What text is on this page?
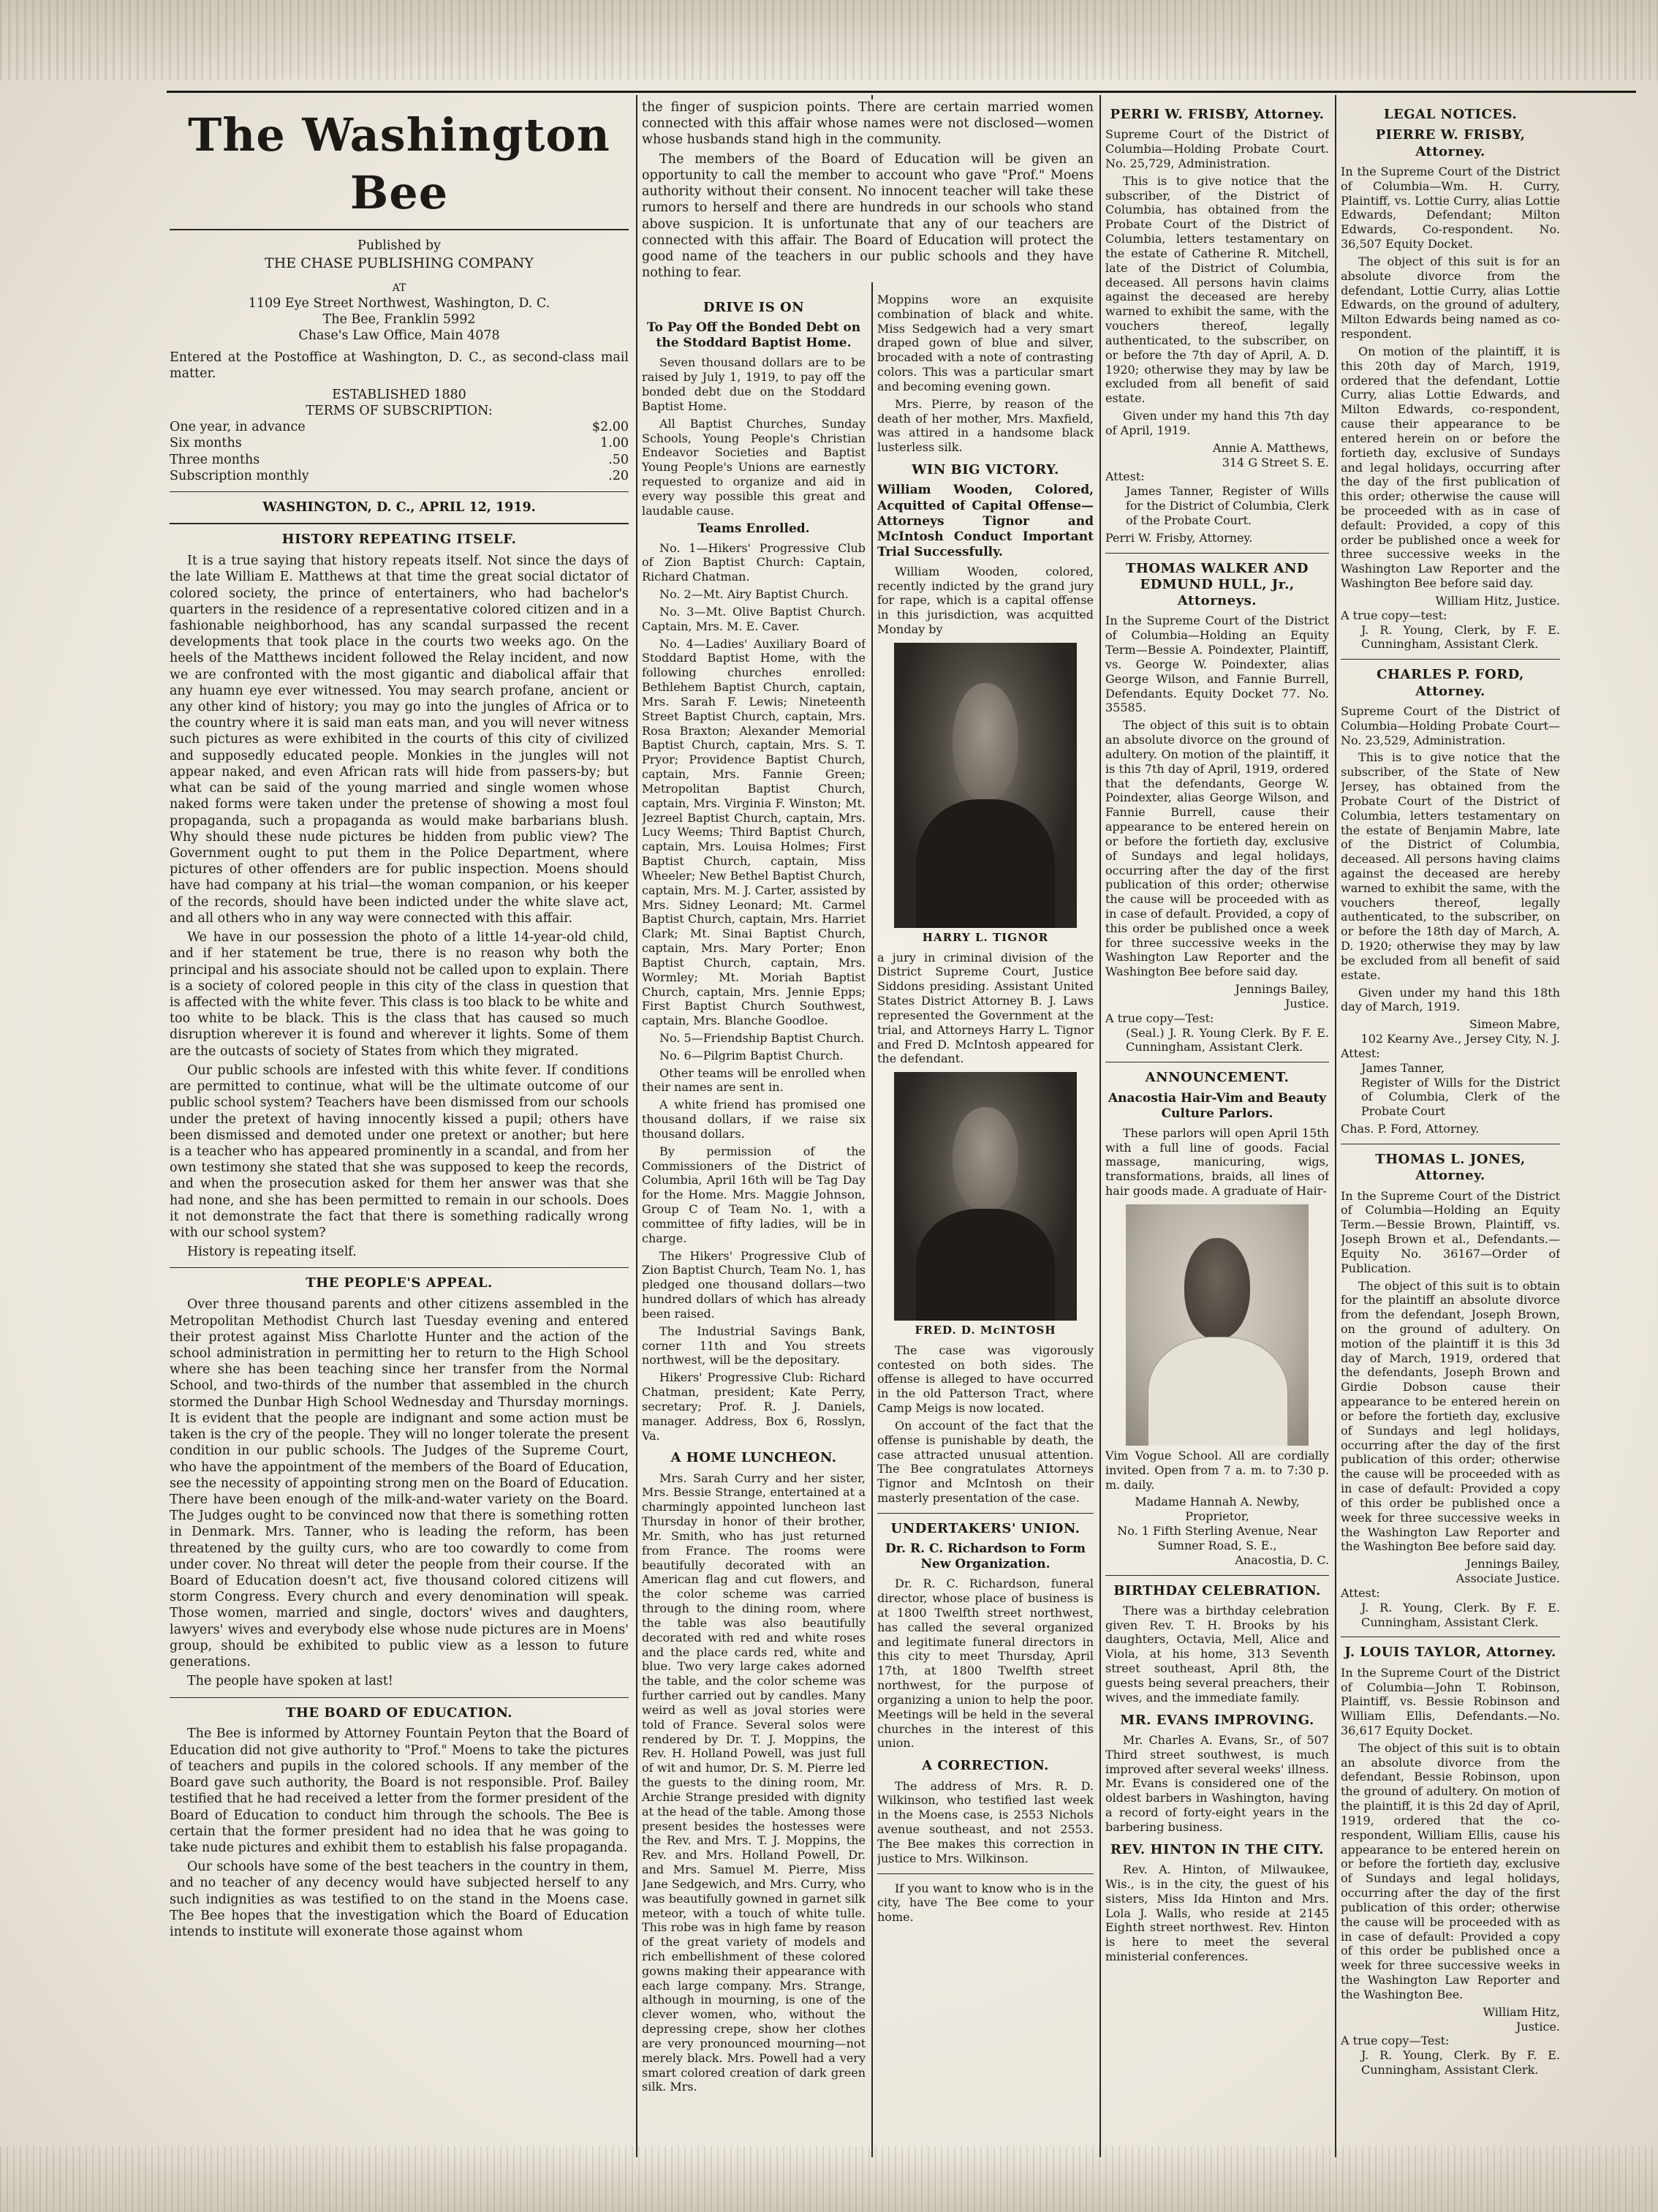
The Washington Bee
Published by
THE CHASE PUBLISHING COMPANY
AT
1109 Eye Street Northwest, Washington, D. C.
The Bee, Franklin 5992
Chase's Law Office, Main 4078

Entered at the Postoffice at Washington, D. C., as second-class mail matter.

ESTABLISHED 1880
TERMS OF SUBSCRIPTION:
One year, in advance	$2.00
Six months	1.00
Three months	.50
Subscription monthly	.20
WASHINGTON, D. C., APRIL 12, 1919.
HISTORY REPEATING ITSELF.

It is a true saying that history repeats itself. Not since the days of the late William E. Matthews at that time the great social dictator of colored society, the prince of entertainers, who had bachelor's quarters in the residence of a representative colored citizen and in a fashionable neighborhood, has any scandal surpassed the recent developments that took place in the courts two weeks ago. On the heels of the Matthews incident followed the Relay incident, and now we are confronted with the most gigantic and diabolical affair that any huamn eye ever witnessed. You may search profane, ancient or any other kind of history; you may go into the jungles of Africa or to the country where it is said man eats man, and you will never witness such pictures as were exhibited in the courts of this city of civilized and supposedly educated people. Monkies in the jungles will not appear naked, and even African rats will hide from passers-by; but what can be said of the young married and single women whose naked forms were taken under the pretense of showing a most foul propaganda, such a propaganda as would make barbarians blush. Why should these nude pictures be hidden from public view? The Government ought to put them in the Police Department, where pictures of other offenders are for public inspection. Moens should have had company at his trial—the woman companion, or his keeper of the records, should have been indicted under the white slave act, and all others who in any way were connected with this affair.

We have in our possession the photo of a little 14-year-old child, and if her statement be true, there is no reason why both the principal and his associate should not be called upon to explain. There is a society of colored people in this city of the class in question that is affected with the white fever. This class is too black to be white and too white to be black. This is the class that has caused so much disruption wherever it is found and wherever it lights. Some of them are the outcasts of society of States from which they migrated.

Our public schools are infested with this white fever. If conditions are permitted to continue, what will be the ultimate outcome of our public school system? Teachers have been dismissed from our schools under the pretext of having innocently kissed a pupil; others have been dismissed and demoted under one pretext or another; but here is a teacher who has appeared prominently in a scandal, and from her own testimony she stated that she was supposed to keep the records, and when the prosecution asked for them her answer was that she had none, and she has been permitted to remain in our schools. Does it not demonstrate the fact that there is something radically wrong with our school system?

History is repeating itself.

THE PEOPLE'S APPEAL.

Over three thousand parents and other citizens assembled in the Metropolitan Methodist Church last Tuesday evening and entered their protest against Miss Charlotte Hunter and the action of the school administration in permitting her to return to the High School where she has been teaching since her transfer from the Normal School, and two-thirds of the number that assembled in the church stormed the Dunbar High School Wednesday and Thursday mornings. It is evident that the people are indignant and some action must be taken is the cry of the people. They will no longer tolerate the present condition in our public schools. The Judges of the Supreme Court, who have the appointment of the members of the Board of Education, see the necessity of appointing strong men on the Board of Education. There have been enough of the milk-and-water variety on the Board. The Judges ought to be convinced now that there is something rotten in Denmark. Mrs. Tanner, who is leading the reform, has been threatened by the guilty curs, who are too cowardly to come from under cover. No threat will deter the people from their course. If the Board of Education doesn't act, five thousand colored citizens will storm Congress. Every church and every denomination will speak. Those women, married and single, doctors' wives and daughters, lawyers' wives and everybody else whose nude pictures are in Moens' group, should be exhibited to public view as a lesson to future generations.

The people have spoken at last!

THE BOARD OF EDUCATION.

The Bee is informed by Attorney Fountain Peyton that the Board of Education did not give authority to "Prof." Moens to take the pictures of teachers and pupils in the colored schools. If any member of the Board gave such authority, the Board is not responsible. Prof. Bailey testified that he had received a letter from the former president of the Board of Education to conduct him through the schools. The Bee is certain that the former president had no idea that he was going to take nude pictures and exhibit them to establish his false propaganda.

Our schools have some of the best teachers in the country in them, and no teacher of any decency would have subjected herself to any such indignities as was testified to on the stand in the Moens case. The Bee hopes that the investigation which the Board of Education intends to institute will exonerate those against whom

the finger of suspicion points. There are certain married women connected with this affair whose names were not disclosed—women whose husbands stand high in the community.

The members of the Board of Education will be given an opportunity to call the member to account who gave "Prof." Moens authority without their consent. No innocent teacher will take these rumors to herself and there are hundreds in our schools who stand above suspicion. It is unfortunate that any of our teachers are connected with this affair. The Board of Education will protect the good name of the teachers in our public schools and they have nothing to fear.

DRIVE IS ON
To Pay Off the Bonded Debt on the Stoddard Baptist Home.

Seven thousand dollars are to be raised by July 1, 1919, to pay off the bonded debt due on the Stoddard Baptist Home.

All Baptist Churches, Sunday Schools, Young People's Christian Endeavor Societies and Baptist Young People's Unions are earnestly requested to organize and aid in every way possible this great and laudable cause.

Teams Enrolled.

No. 1—Hikers' Progressive Club of Zion Baptist Church: Captain, Richard Chatman.

No. 2—Mt. Airy Baptist Church.

No. 3—Mt. Olive Baptist Church. Captain, Mrs. M. E. Caver.

No. 4—Ladies' Auxiliary Board of Stoddard Baptist Home, with the following churches enrolled: Bethlehem Baptist Church, captain, Mrs. Sarah F. Lewis; Nineteenth Street Baptist Church, captain, Mrs. Rosa Braxton; Alexander Memorial Baptist Church, captain, Mrs. S. T. Pryor; Providence Baptist Church, captain, Mrs. Fannie Green; Metropolitan Baptist Church, captain, Mrs. Virginia F. Winston; Mt. Jezreel Baptist Church, captain, Mrs. Lucy Weems; Third Baptist Church, captain, Mrs. Louisa Holmes; First Baptist Church, captain, Miss Wheeler; New Bethel Baptist Church, captain, Mrs. M. J. Carter, assisted by Mrs. Sidney Leonard; Mt. Carmel Baptist Church, captain, Mrs. Harriet Clark; Mt. Sinai Baptist Church, captain, Mrs. Mary Porter; Enon Baptist Church, captain, Mrs. Wormley; Mt. Moriah Baptist Church, captain, Mrs. Jennie Epps; First Baptist Church Southwest, captain, Mrs. Blanche Goodloe.

No. 5—Friendship Baptist Church.

No. 6—Pilgrim Baptist Church.

Other teams will be enrolled when their names are sent in.

A white friend has promised one thousand dollars, if we raise six thousand dollars.

By permission of the Commissioners of the District of Columbia, April 16th will be Tag Day for the Home. Mrs. Maggie Johnson, Group C of Team No. 1, with a committee of fifty ladies, will be in charge.

The Hikers' Progressive Club of Zion Baptist Church, Team No. 1, has pledged one thousand dollars—two hundred dollars of which has already been raised.

The Industrial Savings Bank, corner 11th and You streets northwest, will be the depositary.

Hikers' Progressive Club: Richard Chatman, president; Kate Perry, secretary; Prof. R. J. Daniels, manager. Address, Box 6, Rosslyn, Va.

A HOME LUNCHEON.

Mrs. Sarah Curry and her sister, Mrs. Bessie Strange, entertained at a charmingly appointed luncheon last Thursday in honor of their brother, Mr. Smith, who has just returned from France. The rooms were beautifully decorated with an American flag and cut flowers, and the color scheme was carried through to the dining room, where the table was also beautifully decorated with red and white roses and the place cards red, white and blue. Two very large cakes adorned the table, and the color scheme was further carried out by candles. Many weird as well as joval stories were told of France. Several solos were rendered by Dr. T. J. Moppins, the Rev. H. Holland Powell, was just full of wit and humor, Dr. S. M. Pierre led the guests to the dining room, Mr. Archie Strange presided with dignity at the head of the table. Among those present besides the hostesses were the Rev. and Mrs. T. J. Moppins, the Rev. and Mrs. Holland Powell, Dr. and Mrs. Samuel M. Pierre, Miss Jane Sedgewich, and Mrs. Curry, who was beautifully gowned in garnet silk meteor, with a touch of white tulle. This robe was in high fame by reason of the great variety of models and rich embellishment of these colored gowns making their appearance with each large company. Mrs. Strange, although in mourning, is one of the clever women, who, without the depressing crepe, show her clothes are very pronounced mourning—not merely black. Mrs. Powell had a very smart colored creation of dark green silk. Mrs.

Moppins wore an exquisite combination of black and white. Miss Sedgewich had a very smart draped gown of blue and silver, brocaded with a note of contrasting colors. This was a particular smart and becoming evening gown.

Mrs. Pierre, by reason of the death of her mother, Mrs. Maxfield, was attired in a handsome black lusterless silk.

WIN BIG VICTORY.
William Wooden, Colored, Acquitted of Capital Offense—Attorneys Tignor and McIntosh Conduct Important Trial Successfully.

William Wooden, colored, recently indicted by the grand jury for rape, which is a capital offense in this jurisdiction, was acquitted Monday by

HARRY L. TIGNOR

a jury in criminal division of the District Supreme Court, Justice Siddons presiding. Assistant United States District Attorney B. J. Laws represented the Government at the trial, and Attorneys Harry L. Tignor and Fred D. McIntosh appeared for the defendant.

FRED. D. McINTOSH

The case was vigorously contested on both sides. The offense is alleged to have occurred in the old Patterson Tract, where Camp Meigs is now located.

On account of the fact that the offense is punishable by death, the case attracted unusual attention. The Bee congratulates Attorneys Tignor and McIntosh on their masterly presentation of the case.

UNDERTAKERS' UNION.
Dr. R. C. Richardson to Form New Organization.

Dr. R. C. Richardson, funeral director, whose place of business is at 1800 Twelfth street northwest, has called the several organized and legitimate funeral directors in this city to meet Thursday, April 17th, at 1800 Twelfth street northwest, for the purpose of organizing a union to help the poor. Meetings will be held in the several churches in the interest of this union.

A CORRECTION.

The address of Mrs. R. D. Wilkinson, who testified last week in the Moens case, is 2553 Nichols avenue southeast, and not 2553. The Bee makes this correction in justice to Mrs. Wilkinson.

If you want to know who is in the city, have The Bee come to your home.

PERRI W. FRISBY, Attorney.

Supreme Court of the District of Columbia—Holding Probate Court. No. 25,729, Administration.

This is to give notice that the subscriber, of the District of Columbia, has obtained from the Probate Court of the District of Columbia, letters testamentary on the estate of Catherine R. Mitchell, late of the District of Columbia, deceased. All persons havin claims against the deceased are hereby warned to exhibit the same, with the vouchers thereof, legally authenticated, to the subscriber, on or before the 7th day of April, A. D. 1920; otherwise they may by law be excluded from all benefit of said estate.

Given under my hand this 7th day of April, 1919.

Annie A. Matthews,
314 G Street S. E.
Attest:

James Tanner, Register of Wills for the District of Columbia, Clerk of the Probate Court.

Perri W. Frisby, Attorney.
THOMAS WALKER AND EDMUND HULL, Jr., Attorneys.

In the Supreme Court of the District of Columbia—Holding an Equity Term—Bessie A. Poindexter, Plaintiff, vs. George W. Poindexter, alias George Wilson, and Fannie Burrell, Defendants. Equity Docket 77. No. 35585.

The object of this suit is to obtain an absolute divorce on the ground of adultery. On motion of the plaintiff, it is this 7th day of April, 1919, ordered that the defendants, George W. Poindexter, alias George Wilson, and Fannie Burrell, cause their appearance to be entered herein on or before the fortieth day, exclusive of Sundays and legal holidays, occurring after the day of the first publication of this order; otherwise the cause will be proceeded with as in case of default. Provided, a copy of this order be published once a week for three successive weeks in the Washington Law Reporter and the Washington Bee before said day.

Jennings Bailey,
Justice.
A true copy—Test:

(Seal.) J. R. Young Clerk. By F. E. Cunningham, Assistant Clerk.

ANNOUNCEMENT.
Anacostia Hair-Vim and Beauty Culture Parlors.

These parlors will open April 15th with a full line of goods. Facial massage, manicuring, wigs, transformations, braids, all lines of hair goods made. A graduate of Hair-

Vim Vogue School. All are cordially invited. Open from 7 a. m. to 7:30 p. m. daily.

Madame Hannah A. Newby,
Proprietor,
No. 1 Fifth Sterling Avenue, Near Sumner Road, S. E.,
Anacostia, D. C.
BIRTHDAY CELEBRATION.

There was a birthday celebration given Rev. T. H. Brooks by his daughters, Octavia, Mell, Alice and Viola, at his home, 313 Seventh street southeast, April 8th, the guests being several preachers, their wives, and the immediate family.

MR. EVANS IMPROVING.

Mr. Charles A. Evans, Sr., of 507 Third street southwest, is much improved after several weeks' illness. Mr. Evans is considered one of the oldest barbers in Washington, having a record of forty-eight years in the barbering business.

REV. HINTON IN THE CITY.

Rev. A. Hinton, of Milwaukee, Wis., is in the city, the guest of his sisters, Miss Ida Hinton and Mrs. Lola J. Walls, who reside at 2145 Eighth street northwest. Rev. Hinton is here to meet the several ministerial conferences.

LEGAL NOTICES.
PIERRE W. FRISBY, Attorney.

In the Supreme Court of the District of Columbia—Wm. H. Curry, Plaintiff, vs. Lottie Curry, alias Lottie Edwards, Defendant; Milton Edwards, Co-respondent. No. 36,507 Equity Docket.

The object of this suit is for an absolute divorce from the defendant, Lottie Curry, alias Lottie Edwards, on the ground of adultery, Milton Edwards being named as co-respondent.

On motion of the plaintiff, it is this 20th day of March, 1919, ordered that the defendant, Lottie Curry, alias Lottie Edwards, and Milton Edwards, co-respondent, cause their appearance to be entered herein on or before the fortieth day, exclusive of Sundays and legal holidays, occurring after the day of the first publication of this order; otherwise the cause will be proceeded with as in case of default: Provided, a copy of this order be published once a week for three successive weeks in the Washington Law Reporter and the Washington Bee before said day.

William Hitz, Justice.
A true copy—test:

J. R. Young, Clerk, by F. E. Cunningham, Assistant Clerk.

CHARLES P. FORD, Attorney.

Supreme Court of the District of Columbia—Holding Probate Court—No. 23,529, Administration.

This is to give notice that the subscriber, of the State of New Jersey, has obtained from the Probate Court of the District of Columbia, letters testamentary on the estate of Benjamin Mabre, late of the District of Columbia, deceased. All persons having claims against the deceased are hereby warned to exhibit the same, with the vouchers thereof, legally authenticated, to the subscriber, on or before the 18th day of March, A. D. 1920; otherwise they may by law be excluded from all benefit of said estate.

Given under my hand this 18th day of March, 1919.

Simeon Mabre,
102 Kearny Ave., Jersey City, N. J.
Attest:
James Tanner,

Register of Wills for the District of Columbia, Clerk of the Probate Court

Chas. P. Ford, Attorney.
THOMAS L. JONES, Attorney.

In the Supreme Court of the District of Columbia—Holding an Equity Term.—Bessie Brown, Plaintiff, vs. Joseph Brown et al., Defendants.—Equity No. 36167—Order of Publication.

The object of this suit is to obtain for the plaintiff an absolute divorce from the defendant, Joseph Brown, on the ground of adultery. On motion of the plaintiff it is this 3d day of March, 1919, ordered that the defendants, Joseph Brown and Girdie Dobson cause their appearance to be entered herein on or before the fortieth day, exclusive of Sundays and legl holidays, occurring after the day of the first publication of this order; otherwise the cause will be proceeded with as in case of default: Provided a copy of this order be published once a week for three successive weeks in the Washington Law Reporter and the Washington Bee before said day.

Jennings Bailey,
Associate Justice.
Attest:

J. R. Young, Clerk. By F. E. Cunningham, Assistant Clerk.

J. LOUIS TAYLOR, Attorney.

In the Supreme Court of the District of Columbia—John T. Robinson, Plaintiff, vs. Bessie Robinson and William Ellis, Defendants.—No. 36,617 Equity Docket.

The object of this suit is to obtain an absolute divorce from the defendant, Bessie Robinson, upon the ground of adultery. On motion of the plaintiff, it is this 2d day of April, 1919, ordered that the co-respondent, William Ellis, cause his appearance to be entered herein on or before the fortieth day, exclusive of Sundays and legal holidays, occurring after the day of the first publication of this order; otherwise the cause will be proceeded with as in case of default: Provided a copy of this order be published once a week for three successive weeks in the Washington Law Reporter and the Washington Bee.

William Hitz,
Justice.
A true copy—Test:

J. R. Young, Clerk. By F. E. Cunningham, Assistant Clerk.
